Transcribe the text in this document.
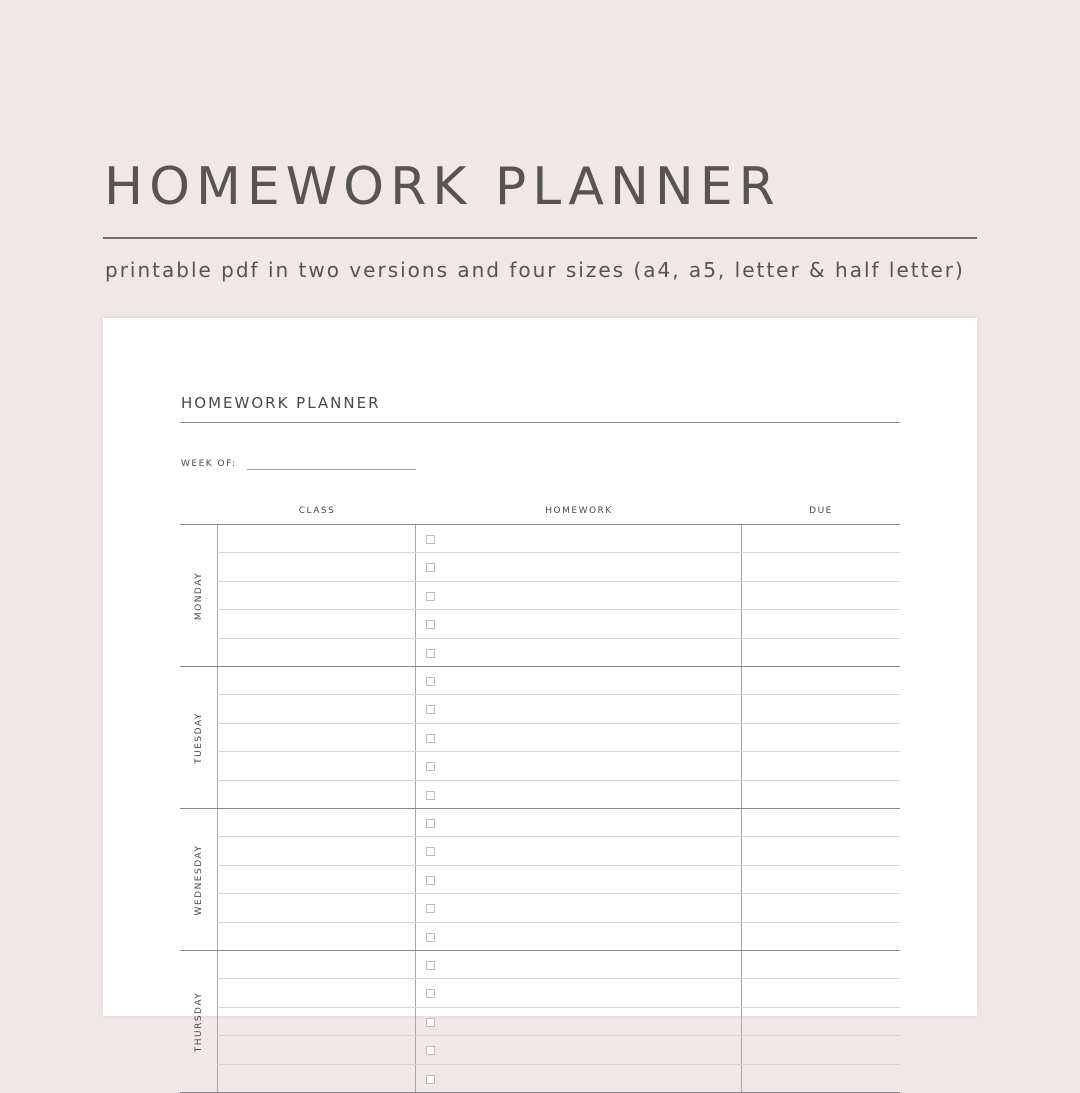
HOMEWORK PLANNER

printable pdf in two versions and four sizes (a4, a5, letter & half letter)

HOMEWORK PLANNER
WEEK OF:
CLASS	HOMEWORK	DUE
MONDAY
TUESDAY
WEDNESDAY
THURSDAY
